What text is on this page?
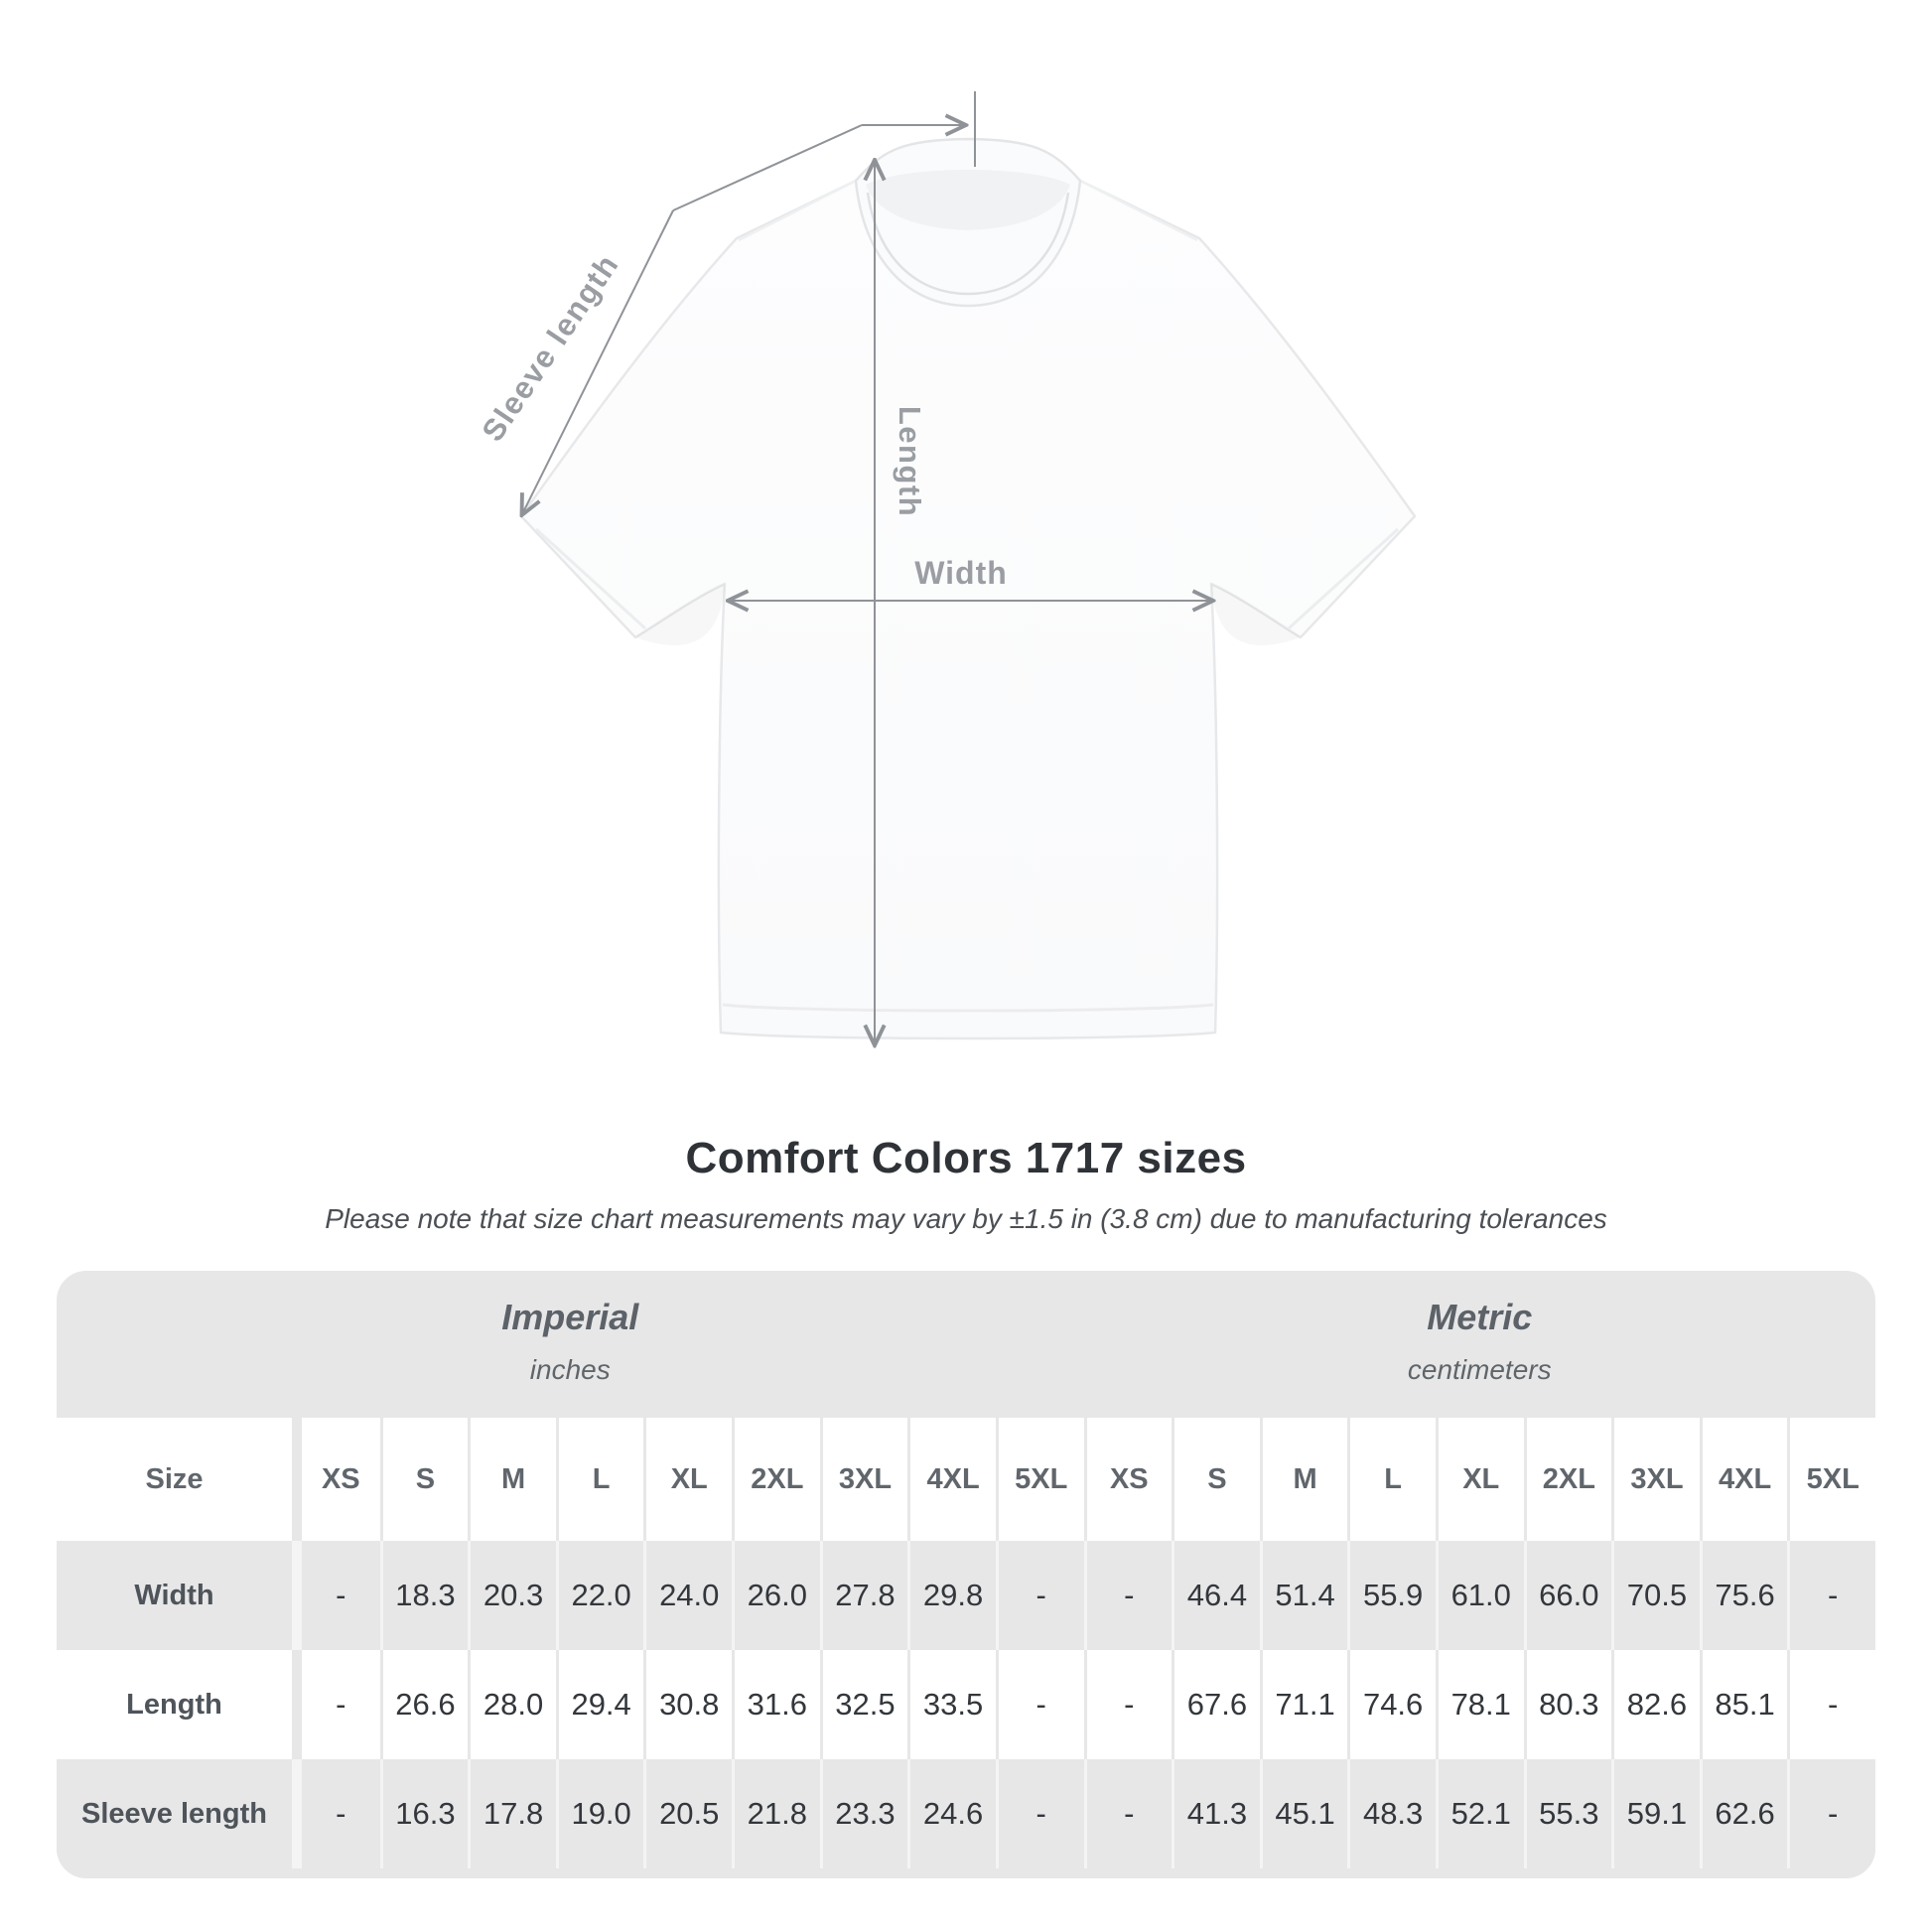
Sleeve length
Length
Width
Comfort Colors 1717 sizes
Please note that size chart measurements may vary by ±1.5 in (3.8 cm) due to manufacturing tolerances
Imperial
inches
Metric
centimeters
Size	XS	S	M	L	XL	2XL	3XL	4XL	5XL	XS	S	M	L	XL	2XL	3XL	4XL	5XL
Width	-	18.3 20.3 22.0 24.0 26.0 27.8 29.8	-	-	46.4 51.4 55.9 61.0 66.0 70.5 75.6	-
Length	-	26.6 28.0 29.4 30.8 31.6 32.5 33.5	-	-	67.6 71.1 74.6 78.1 80.3 82.6 85.1	-
Sleeve length	-	16.3 17.8 19.0 20.5 21.8 23.3 24.6	-	-	41.3 45.1 48.3 52.1 55.3 59.1 62.6	-
